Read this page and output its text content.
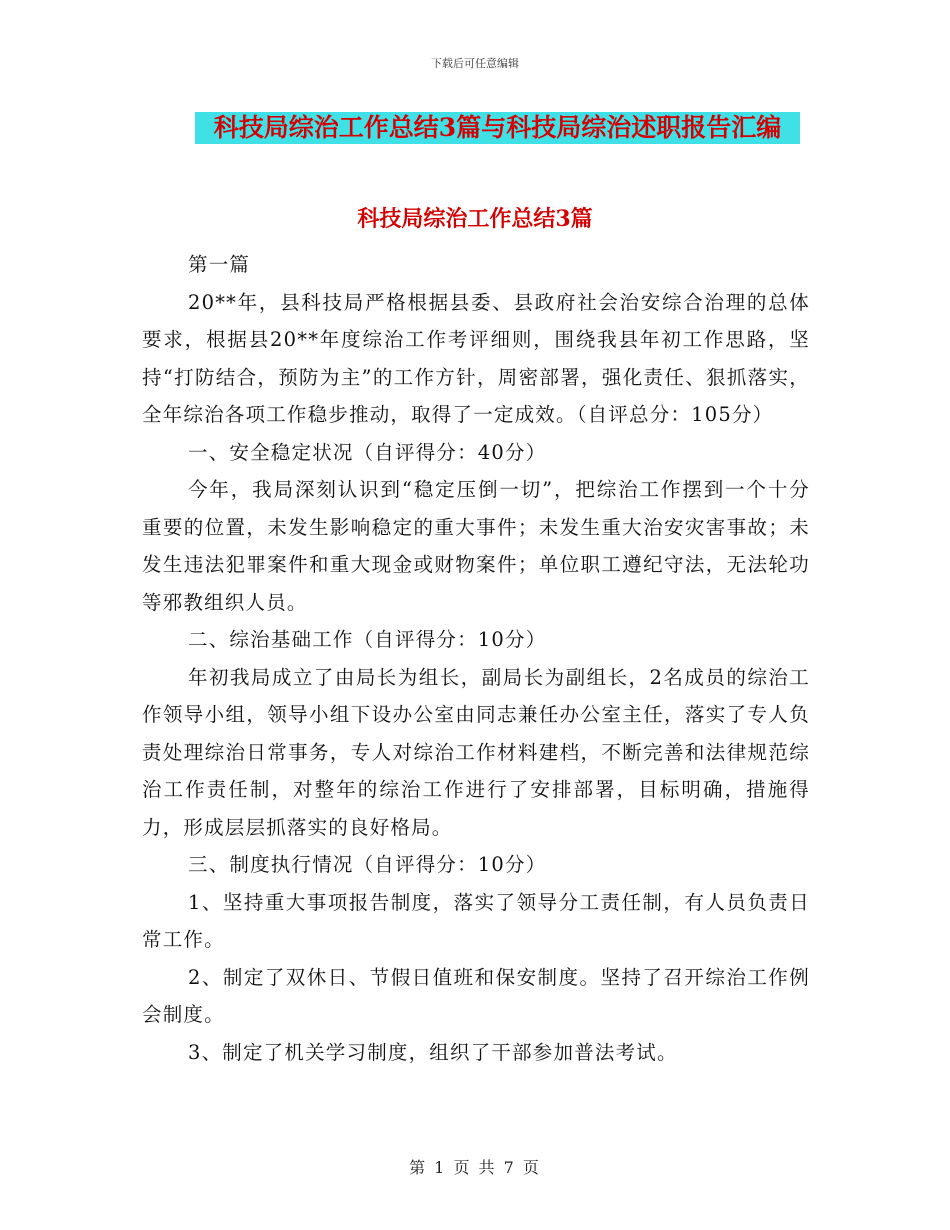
下载后可任意编辑
科技局综治工作总结3篇与科技局综治述职报告汇编
科技局综治工作总结3篇

第一篇

20**年，县科技局严格根据县委、县政府社会治安综合治理的总体要求，根据县20**年度综治工作考评细则，围绕我县年初工作思路，坚持“打防结合，预防为主”的工作方针，周密部署，强化责任、狠抓落实，全年综治各项工作稳步推动，取得了一定成效。（自评总分：105分）

一、安全稳定状况（自评得分：40分）

今年，我局深刻认识到“稳定压倒一切”，把综治工作摆到一个十分重要的位置，未发生影响稳定的重大事件；未发生重大治安灾害事故；未发生违法犯罪案件和重大现金或财物案件；单位职工遵纪守法，无法轮功等邪教组织人员。

二、综治基础工作（自评得分：10分）

年初我局成立了由局长为组长，副局长为副组长，2名成员的综治工作领导小组，领导小组下设办公室由同志兼任办公室主任，落实了专人负责处理综治日常事务，专人对综治工作材料建档，不断完善和法律规范综治工作责任制，对整年的综治工作进行了安排部署，目标明确，措施得力，形成层层抓落实的良好格局。

三、制度执行情况（自评得分：10分）

1、坚持重大事项报告制度，落实了领导分工责任制，有人员负责日常工作。

2、制定了双休日、节假日值班和保安制度。坚持了召开综治工作例会制度。

3、制定了机关学习制度，组织了干部参加普法考试。

第 1 页 共 7 页
